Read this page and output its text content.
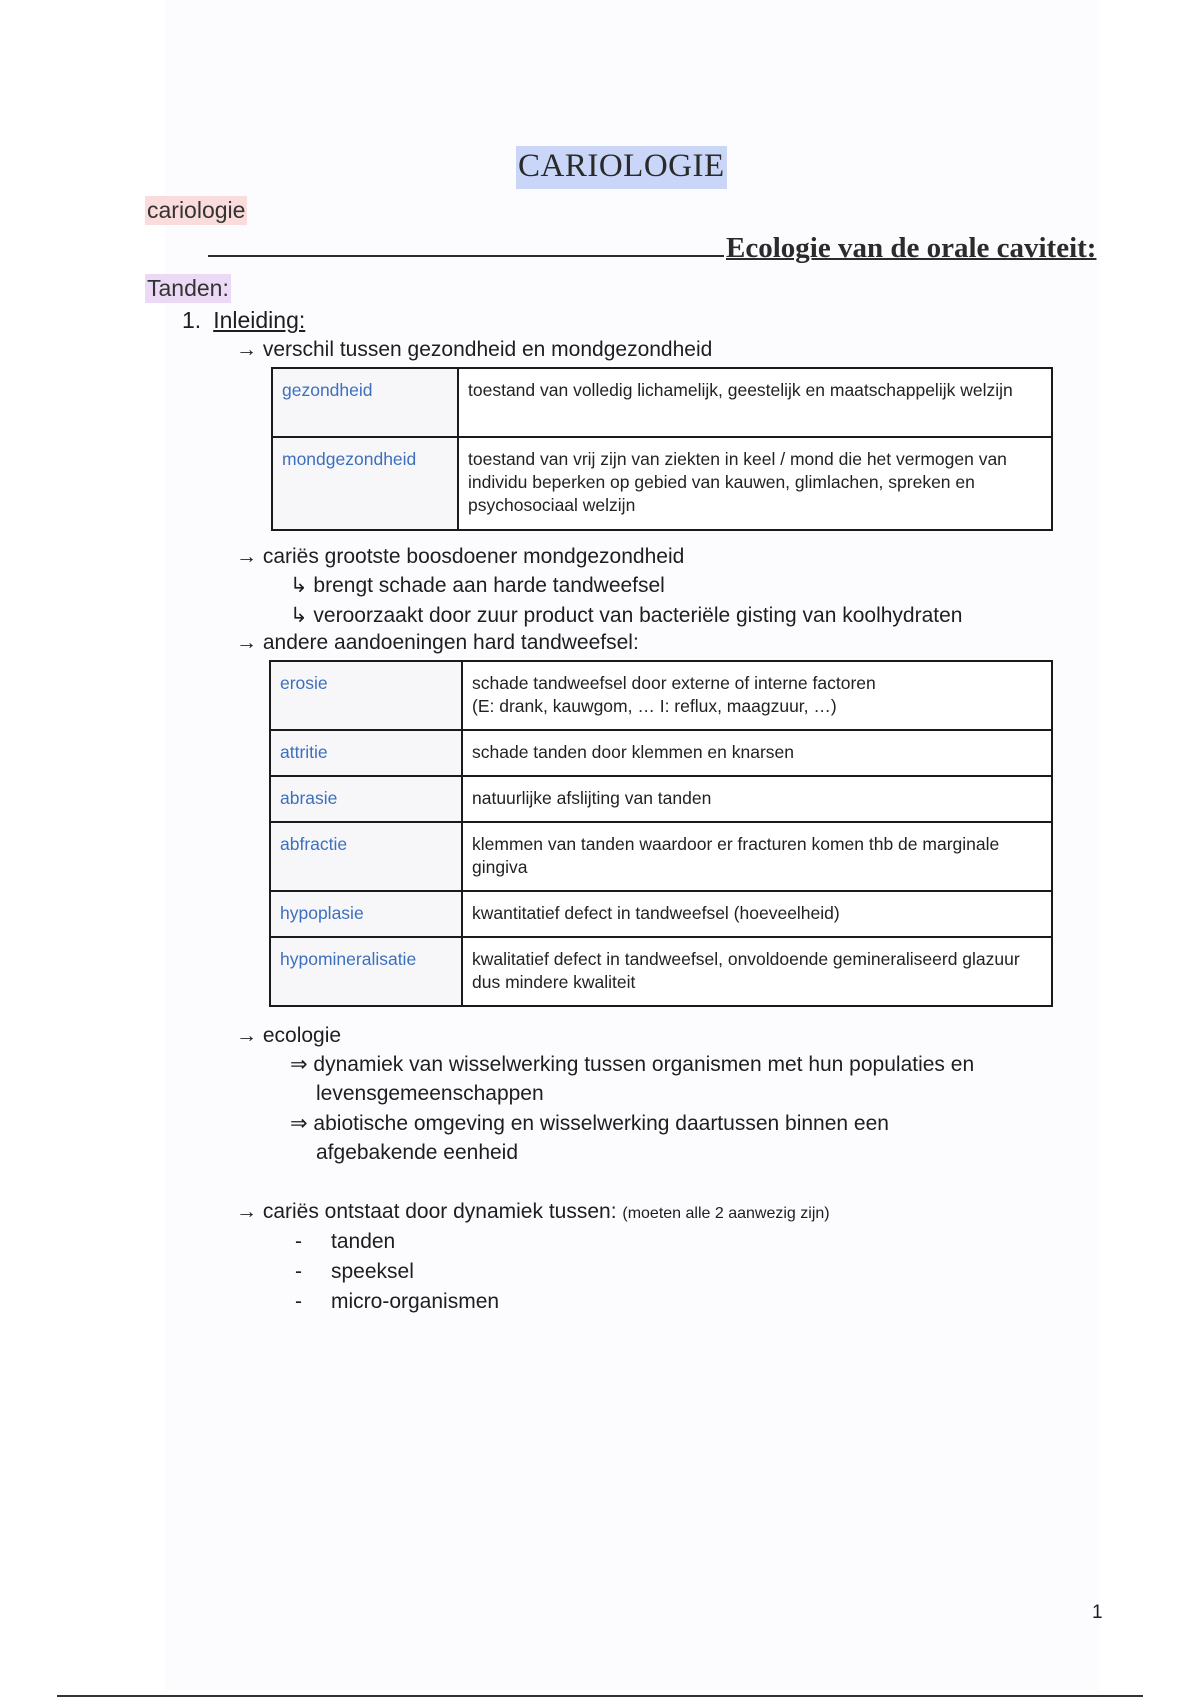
CARIOLOGIE
cariologie
Ecologie van de orale caviteit:
Tanden:
1. Inleiding:
→ verschil tussen gezondheid en mondgezondheid
gezondheid	toestand van volledig lichamelijk, geestelijk en maatschappelijk welzijn
mondgezondheid	toestand van vrij zijn van ziekten in keel / mond die het vermogen van individu beperken op gebied van kauwen, glimlachen, spreken en psychosociaal welzijn
→ cariës grootste boosdoener mondgezondheid
↳ brengt schade aan harde tandweefsel
↳ veroorzaakt door zuur product van bacteriële gisting van koolhydraten
→ andere aandoeningen hard tandweefsel:
erosie	schade tandweefsel door externe of interne factoren
(E: drank, kauwgom, … I: reflux, maagzuur, …)

attritie	schade tanden door klemmen en knarsen
abrasie	natuurlijke afslijting van tanden
abfractie	klemmen van tanden waardoor er fracturen komen thb de marginale gingiva
hypoplasie	kwantitatief defect in tandweefsel (hoeveelheid)
hypomineralisatie	kwalitatief defect in tandweefsel, onvoldoende gemineraliseerd glazuur dus mindere kwaliteit
→ ecologie
⇒ dynamiek van wisselwerking tussen organismen met hun populaties en
levensgemeenschappen
⇒ abiotische omgeving en wisselwerking daartussen binnen een
afgebakende eenheid
→ cariës ontstaat door dynamiek tussen: (moeten alle 2 aanwezig zijn)
- tanden
- speeksel
- micro-organismen
1
